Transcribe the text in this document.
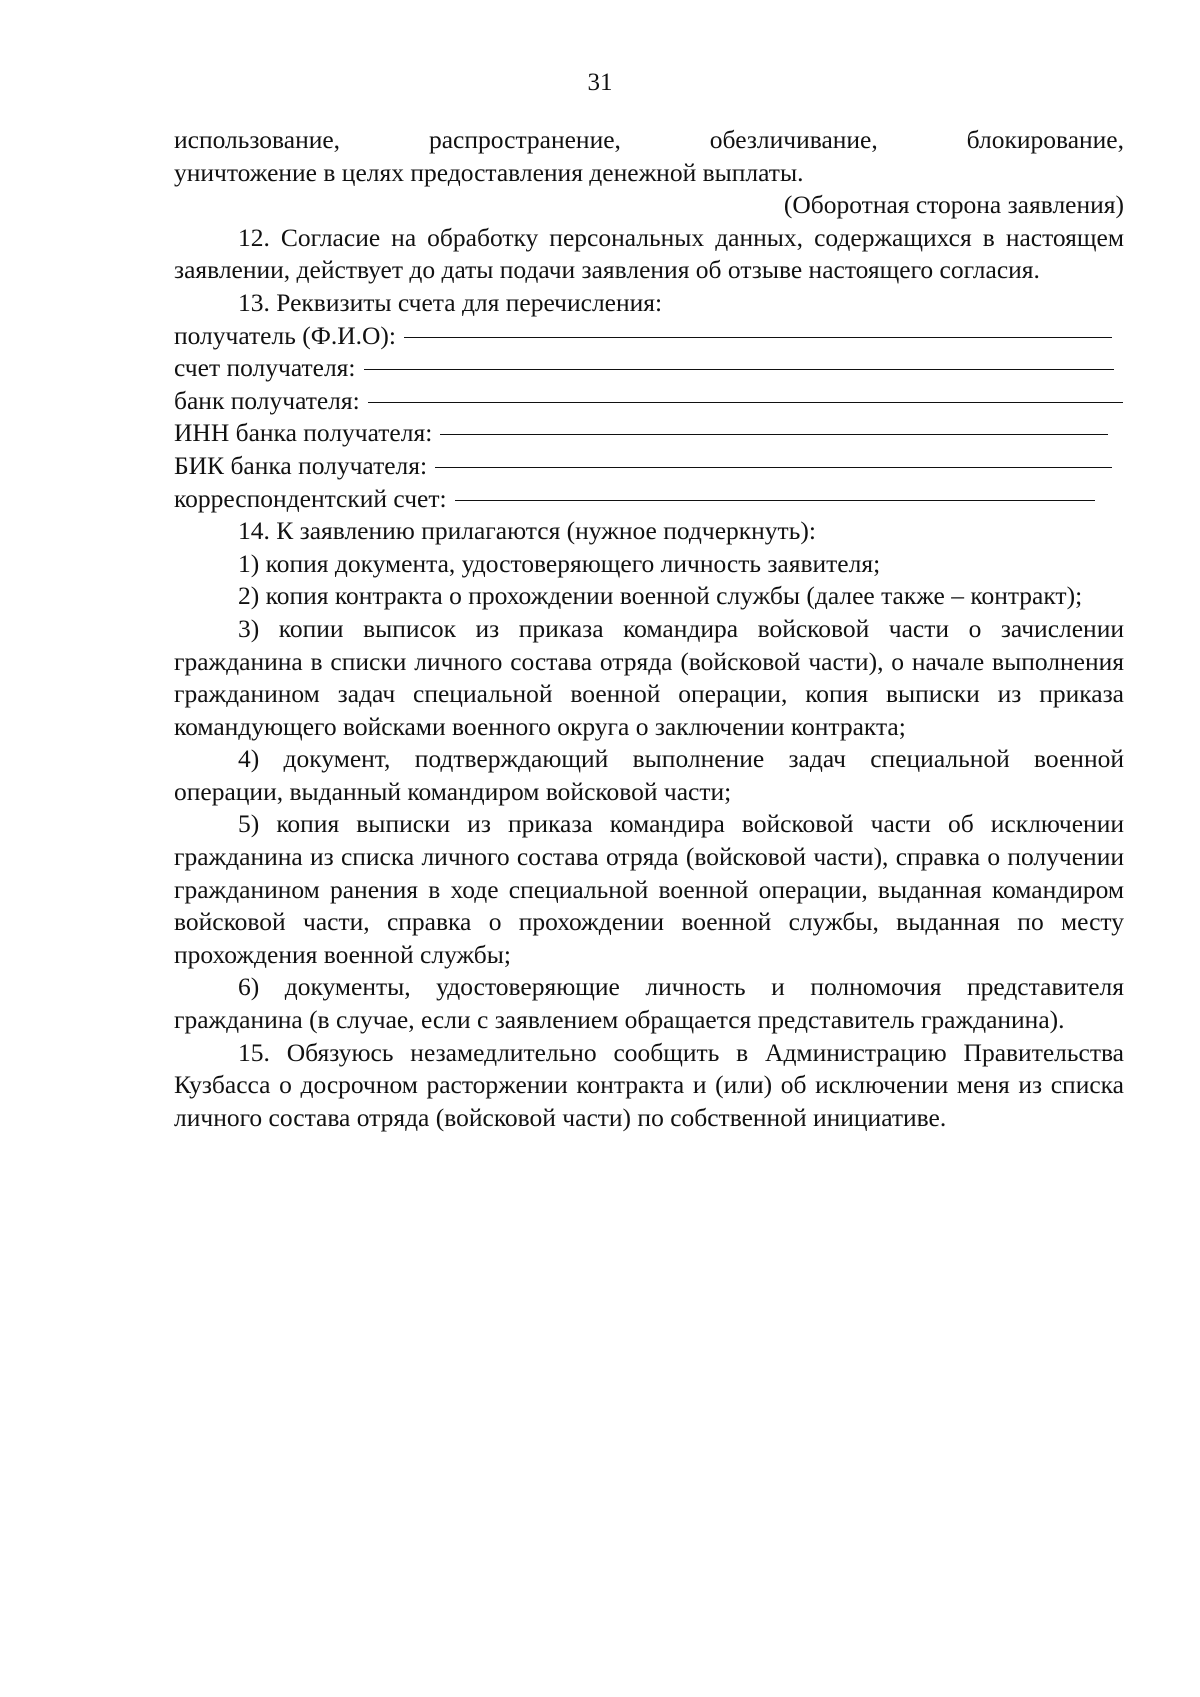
31

использование, распространение, обезличивание, блокирование,

уничтожение в целях предоставления денежной выплаты.

(Оборотная сторона заявления)

12. Согласие на обработку персональных данных, содержащихся в настоящем заявлении, действует до даты подачи заявления об отзыве настоящего согласия.

13. Реквизиты счета для перечисления:

получатель (Ф.И.О):
счет получателя:
банк получателя:
ИНН банка получателя:
БИК банка получателя:
корреспондентский счет:

14. К заявлению прилагаются (нужное подчеркнуть):

1) копия документа, удостоверяющего личность заявителя;

2) копия контракта о прохождении военной службы (далее также – контракт);

3) копии выписок из приказа командира войсковой части о зачислении гражданина в списки личного состава отряда (войсковой части), о начале выполнения гражданином задач специальной военной операции, копия выписки из приказа командующего войсками военного округа о заключении контракта;

4) документ, подтверждающий выполнение задач специальной военной операции, выданный командиром войсковой части;

5) копия выписки из приказа командира войсковой части об исключении гражданина из списка личного состава отряда (войсковой части), справка о получении гражданином ранения в ходе специальной военной операции, выданная командиром войсковой части, справка о прохождении военной службы, выданная по месту прохождения военной службы;

6) документы, удостоверяющие личность и полномочия представителя гражданина (в случае, если с заявлением обращается представитель гражданина).

15. Обязуюсь незамедлительно сообщить в Администрацию Правительства Кузбасса о досрочном расторжении контракта и (или) об исключении меня из списка личного состава отряда (войсковой части) по собственной инициативе.
